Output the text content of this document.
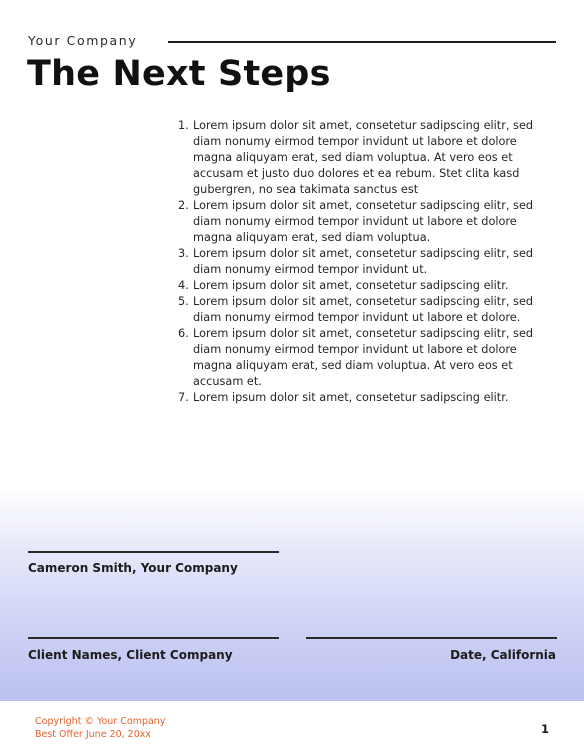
Your Company
The Next Steps
1. Lorem ipsum dolor sit amet, consetetur sadipscing elitr, sed diam nonumy eirmod tempor invidunt ut labore et dolore magna aliquyam erat, sed diam voluptua. At vero eos et accusam et justo duo dolores et ea rebum. Stet clita kasd gubergren, no sea takimata sanctus est
2. Lorem ipsum dolor sit amet, consetetur sadipscing elitr, sed diam nonumy eirmod tempor invidunt ut labore et dolore magna aliquyam erat, sed diam voluptua.
3. Lorem ipsum dolor sit amet, consetetur sadipscing elitr, sed diam nonumy eirmod tempor invidunt ut.
4. Lorem ipsum dolor sit amet, consetetur sadipscing elitr.
5. Lorem ipsum dolor sit amet, consetetur sadipscing elitr, sed diam nonumy eirmod tempor invidunt ut labore et dolore.
6. Lorem ipsum dolor sit amet, consetetur sadipscing elitr, sed diam nonumy eirmod tempor invidunt ut labore et dolore magna aliquyam erat, sed diam voluptua. At vero eos et accusam et.
7. Lorem ipsum dolor sit amet, consetetur sadipscing elitr.
Cameron Smith, Your Company
Client Names, Client Company	Date, California
Copyright © Your Company
Best Offer June 20, 20xx	1
